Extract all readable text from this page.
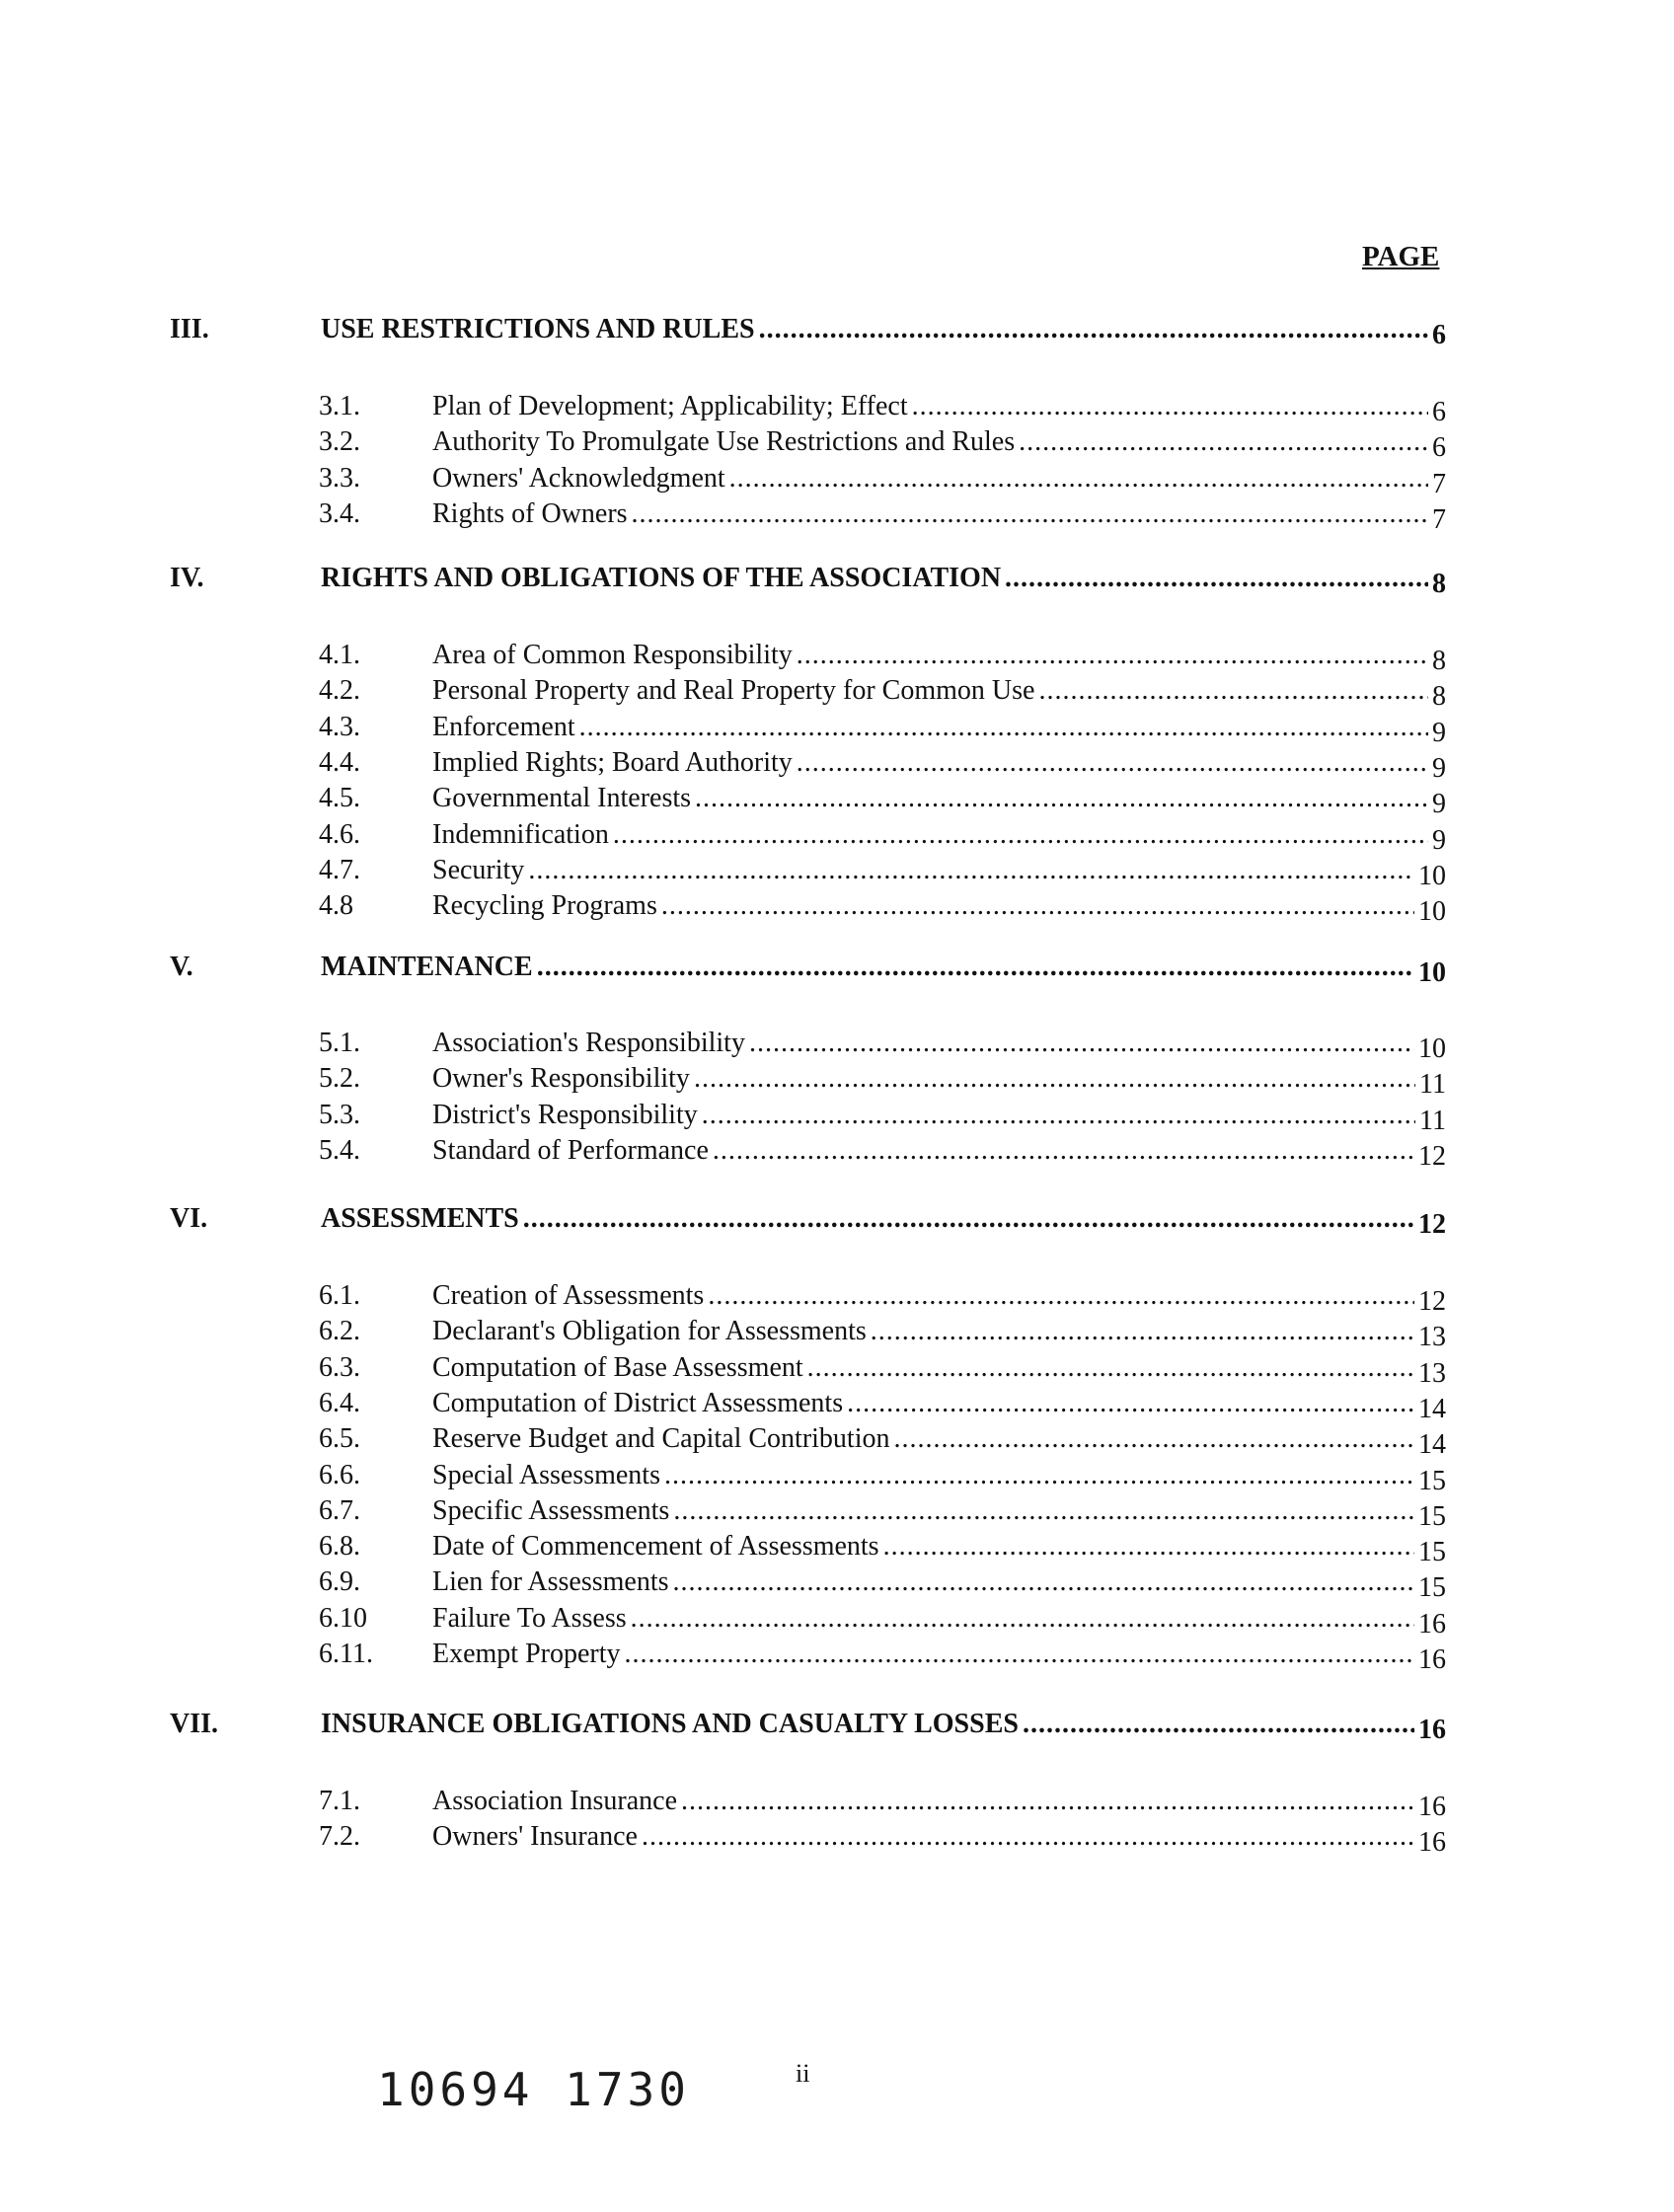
PAGE
III.	USE RESTRICTIONS AND RULES . . .	6
3.1.	Plan of Development; Applicability; Effect . . .	6
3.2.	Authority To Promulgate Use Restrictions and Rules . . .	6
3.3.	Owners' Acknowledgment . . .	7
3.4.	Rights of Owners . . .	7
IV.	RIGHTS AND OBLIGATIONS OF THE ASSOCIATION . . .	8
4.1.	Area of Common Responsibility . . .	8
4.2.	Personal Property and Real Property for Common Use . . .	8
4.3.	Enforcement . . .	9
4.4.	Implied Rights; Board Authority . . .	9
4.5.	Governmental Interests . . .	9
4.6.	Indemnification . . .	9
4.7.	Security . . .	10
4.8	Recycling Programs . . .	10
V.	MAINTENANCE . . .	10
5.1.	Association's Responsibility . . .	10
5.2.	Owner's Responsibility . . .	11
5.3.	District's Responsibility . . .	11
5.4.	Standard of Performance . . .	12
VI.	ASSESSMENTS . . .	12
6.1.	Creation of Assessments . . .	12
6.2.	Declarant's Obligation for Assessments . . .	13
6.3.	Computation of Base Assessment . . .	13
6.4.	Computation of District Assessments . . .	14
6.5.	Reserve Budget and Capital Contribution . . .	14
6.6.	Special Assessments . . .	15
6.7.	Specific Assessments . . .	15
6.8.	Date of Commencement of Assessments . . .	15
6.9.	Lien for Assessments . . .	15
6.10	Failure To Assess . . .	16
6.11.	Exempt Property . . .	16
VII.	INSURANCE OBLIGATIONS AND CASUALTY LOSSES . . .	16
7.1.	Association Insurance . . .	16
7.2.	Owners' Insurance . . .	16
10694 1730	ii
